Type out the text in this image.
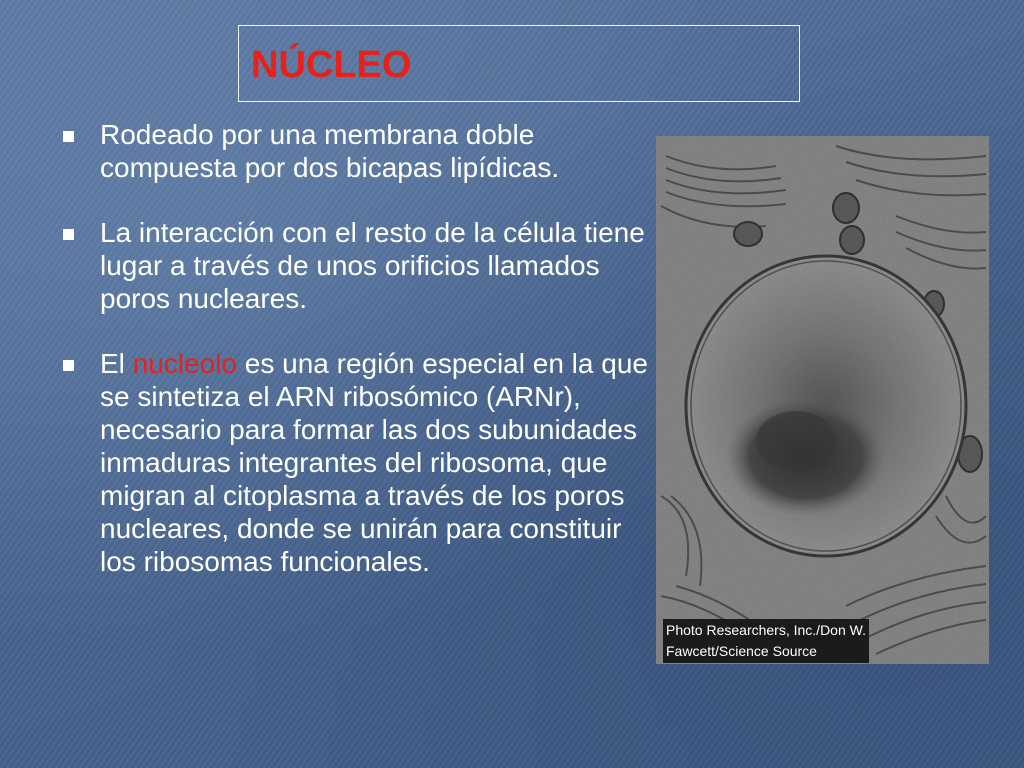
NÚCLEO
Rodeado por una membrana doble compuesta por dos bicapas lipídicas.
La interacción con el resto de la célula tiene lugar a través de unos orificios llamados poros nucleares.
El nucleolo es una región especial en la que se sintetiza el ARN ribosómico (ARNr), necesario para formar las dos subunidades inmaduras integrantes del ribosoma, que migran al citoplasma a través de los poros nucleares, donde se unirán para constituir los ribosomas funcionales.
Photo Researchers, Inc./Don W.
Fawcett/Science Source
